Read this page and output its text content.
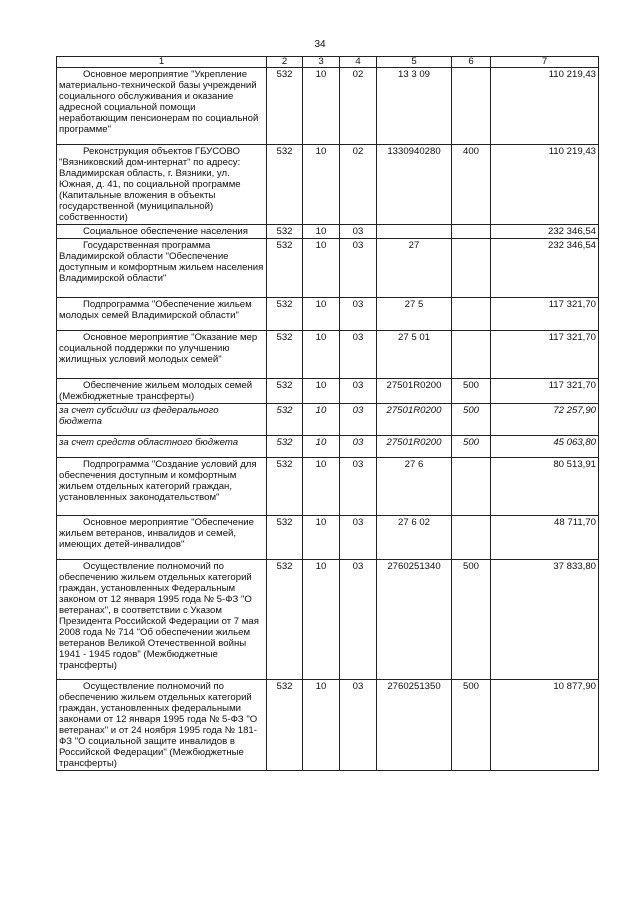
34
1	2	3	4	5	6	7

Основное мероприятие "Укрепление материально-технической базы учреждений социального обслуживания и оказание адресной социальной помощи неработающим пенсионерам по социальной программе"	532	10	02	13 3 09		110 219,43

Реконструкция объектов ГБУСОВО "Вязниковский дом-интернат" по адресу: Владимирская область, г. Вязники, ул. Южная, д. 41, по социальной программе (Капитальные вложения в объекты государственной (муниципальной) собственности)	532	10	02	1330940280	400	110 219,43

Социальное обеспечение населения	532	10	03			232 346,54

Государственная программа Владимирской области "Обеспечение доступным и комфортным жильем населения Владимирской области"	532	10	03	27		232 346,54

Подпрограмма "Обеспечение жильем молодых семей Владимирской области"	532	10	03	27 5		117 321,70

Основное мероприятие "Оказание мер социальной поддержки по улучшению жилищных условий молодых семей"	532	10	03	27 5 01		117 321,70

Обеспечение жильем молодых семей (Межбюджетные трансферты)	532	10	03	27501R0200	500	117 321,70
за счет субсидии из федерального бюджета	532	10	03	27501R0200	500	72 257,90
за счет средств областного бюджета	532	10	03	27501R0200	500	45 063,80

Подпрограмма "Создание условий для обеспечения доступным и комфортным жильем отдельных категорий граждан, установленных законодательством"	532	10	03	27 6		80 513,91

Основное мероприятие "Обеспечение жильем ветеранов, инвалидов и семей, имеющих детей-инвалидов"	532	10	03	27 6 02		48 711,70

Осуществление полномочий по обеспечению жильем отдельных категорий граждан, установленных Федеральным законом от 12 января 1995 года № 5-ФЗ "О ветеранах", в соответствии с Указом Президента Российской Федерации от 7 мая 2008 года № 714 "Об обеспечении жильем ветеранов Великой Отечественной войны 1941 - 1945 годов" (Межбюджетные трансферты)	532	10	03	2760251340	500	37 833,80

Осуществление полномочий по обеспечению жильем отдельных категорий граждан, установленных федеральными законами от 12 января 1995 года № 5-ФЗ "О ветеранах" и от 24 ноября 1995 года № 181-ФЗ "О социальной защите инвалидов в Российской Федерации" (Межбюджетные трансферты)	532	10	03	2760251350	500	10 877,90
